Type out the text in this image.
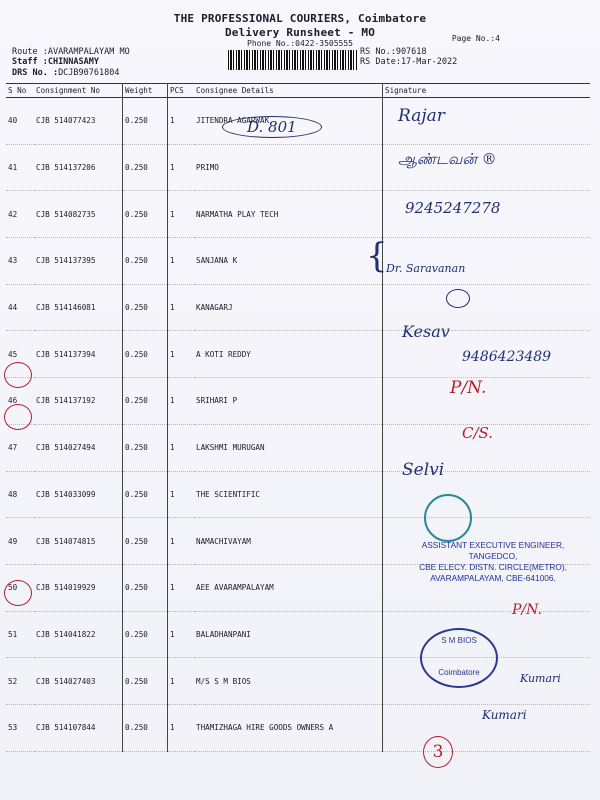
THE PROFESSIONAL COURIERS, Coimbatore
Delivery Runsheet - MO
Phone No.:0422-3505555
Page No.:4
Route :AVARAMPALAYAM MO
Staff :CHINNASAMY
DRS No. :DCJB90761804
RS No.:907618
RS Date:17-Mar-2022
S No	Consignment No	Weight	PCS	Consignee Details	Signature
40	CJB 514077423	0.250	1	JITENDRA AGARWAK	
41	CJB 514137206	0.250	1	PRIMO	
42	CJB 514082735	0.250	1	NARMATHA PLAY TECH	
43	CJB 514137395	0.250	1	SANJANA K	
44	CJB 514146081	0.250	1	KANAGARJ	
45	CJB 514137394	0.250	1	A KOTI REDDY	
46	CJB 514137192	0.250	1	SRIHARI P	
47	CJB 514027494	0.250	1	LAKSHMI MURUGAN	
48	CJB 514033099	0.250	1	THE SCIENTIFIC	
49	CJB 514074815	0.250	1	NAMACHIVAYAM	
50	CJB 514019929	0.250	1	AEE AVARAMPALAYAM	
51	CJB 514041822	0.250	1	BALADHANPANI	
52	CJB 514027403	0.250	1	M/S S M BIOS	
53	CJB 514107844	0.250	1	THAMIZHAGA HIRE GOODS OWNERS A	
D. 801
Rajar
ஆண்டவன் ®
9245247278
{
Dr. Saravanan
Kesav
9486423489
P/N.
C/S.
Selvi
P/N.
Kumari
Kumari
3
ASSISTANT EXECUTIVE ENGINEER,
TANGEDCO,
CBE ELECY. DISTN. CIRCLE(METRO),
AVARAMPALAYAM, CBE-641006.
S M BIOS
Coimbatore
